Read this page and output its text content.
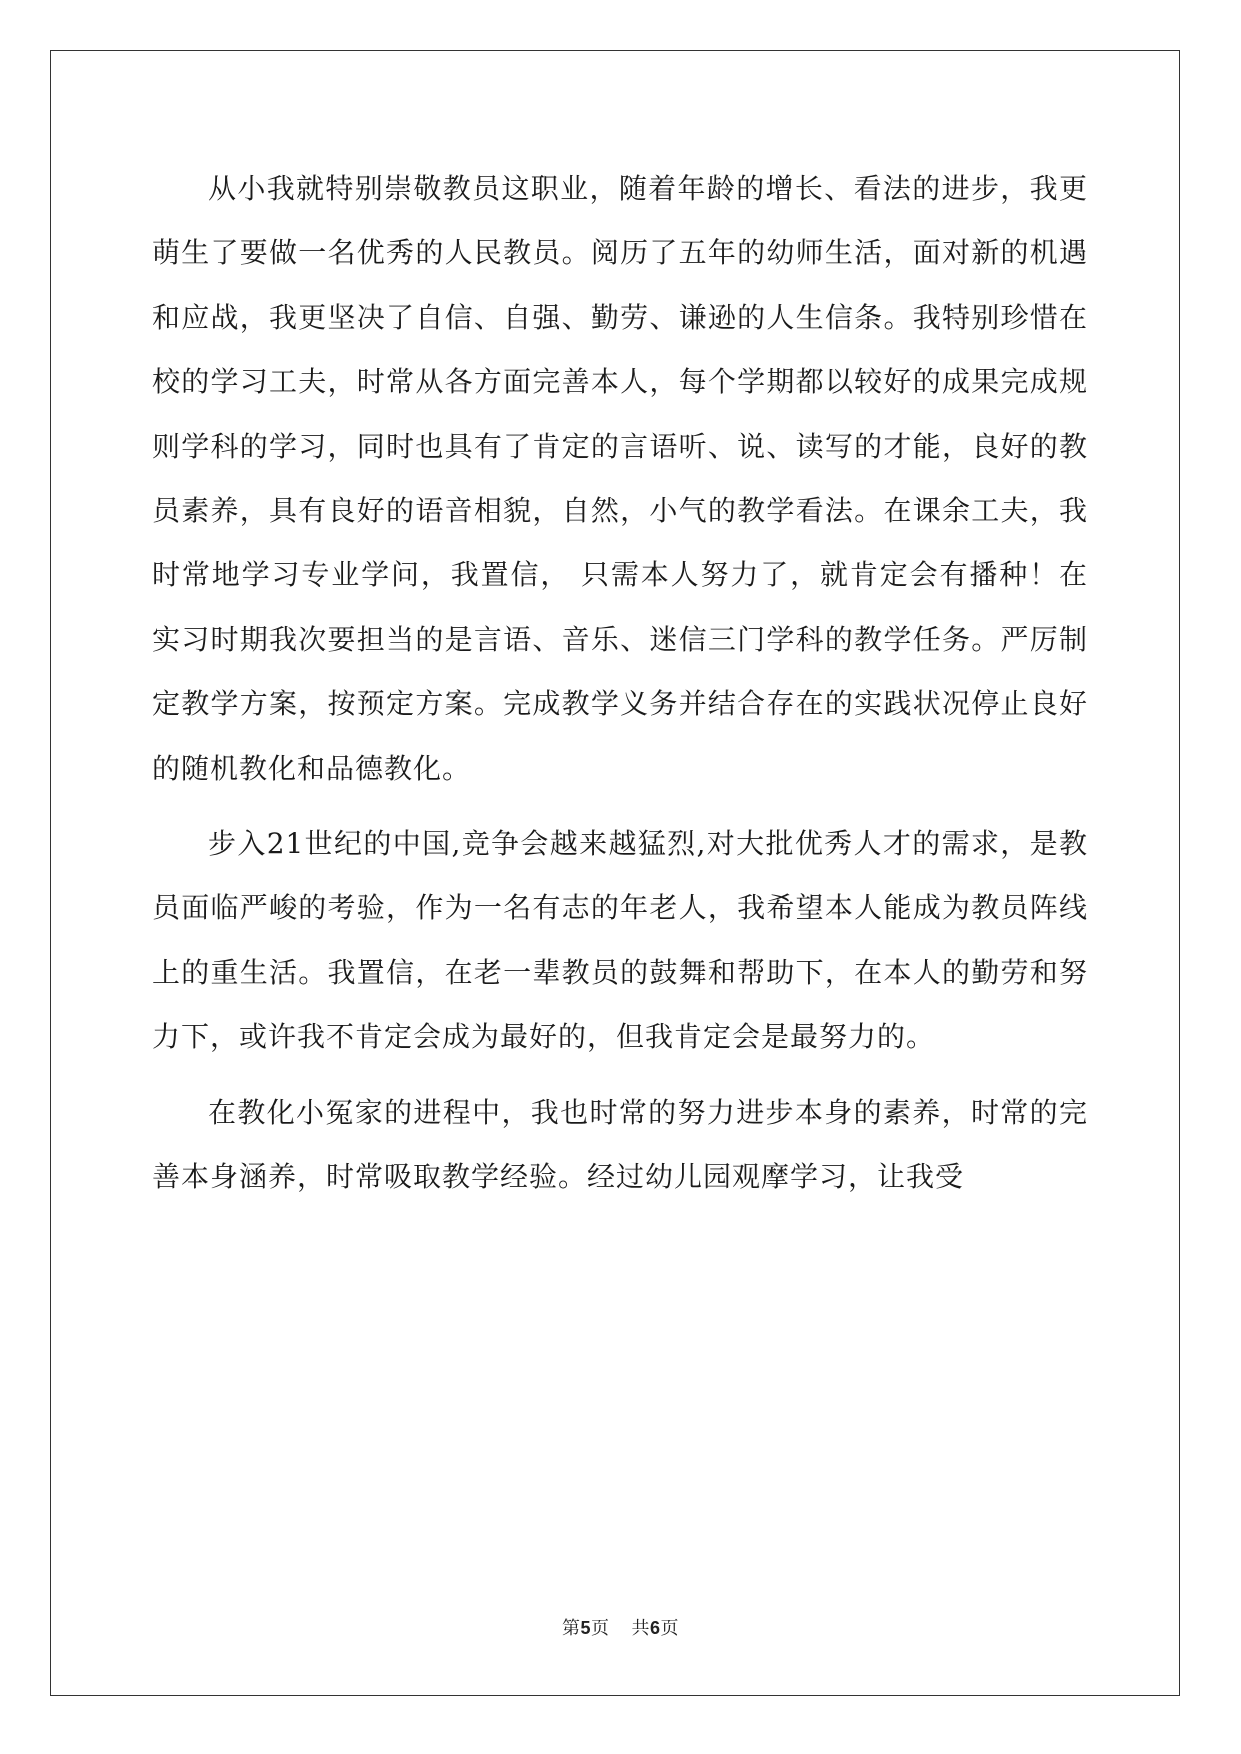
从小我就特别崇敬教员这职业，随着年龄的增长、看法的进步，我更萌生了要做一名优秀的人民教员。阅历了五年的幼师生活，面对新的机遇和应战，我更坚决了自信、自强、勤劳、谦逊的人生信条。我特别珍惜在校的学习工夫，时常从各方面完善本人，每个学期都以较好的成果完成规则学科的学习，同时也具有了肯定的言语听、说、读写的才能，良好的教员素养，具有良好的语音相貌，自然，小气的教学看法。在课余工夫，我时常地学习专业学问，我置信， 只需本人努力了，就肯定会有播种！在实习时期我次要担当的是言语、音乐、迷信三门学科的教学任务。严厉制定教学方案，按预定方案。完成教学义务并结合存在的实践状况停止良好的随机教化和品德教化。

步入21世纪的中国,竞争会越来越猛烈,对大批优秀人才的需求，是教员面临严峻的考验，作为一名有志的年老人，我希望本人能成为教员阵线上的重生活。我置信，在老一辈教员的鼓舞和帮助下，在本人的勤劳和努力下，或许我不肯定会成为最好的，但我肯定会是最努力的。

在教化小冤家的进程中，我也时常的努力进步本身的素养，时常的完善本身涵养，时常吸取教学经验。经过幼儿园观摩学习，让我受

第5页 共6页
